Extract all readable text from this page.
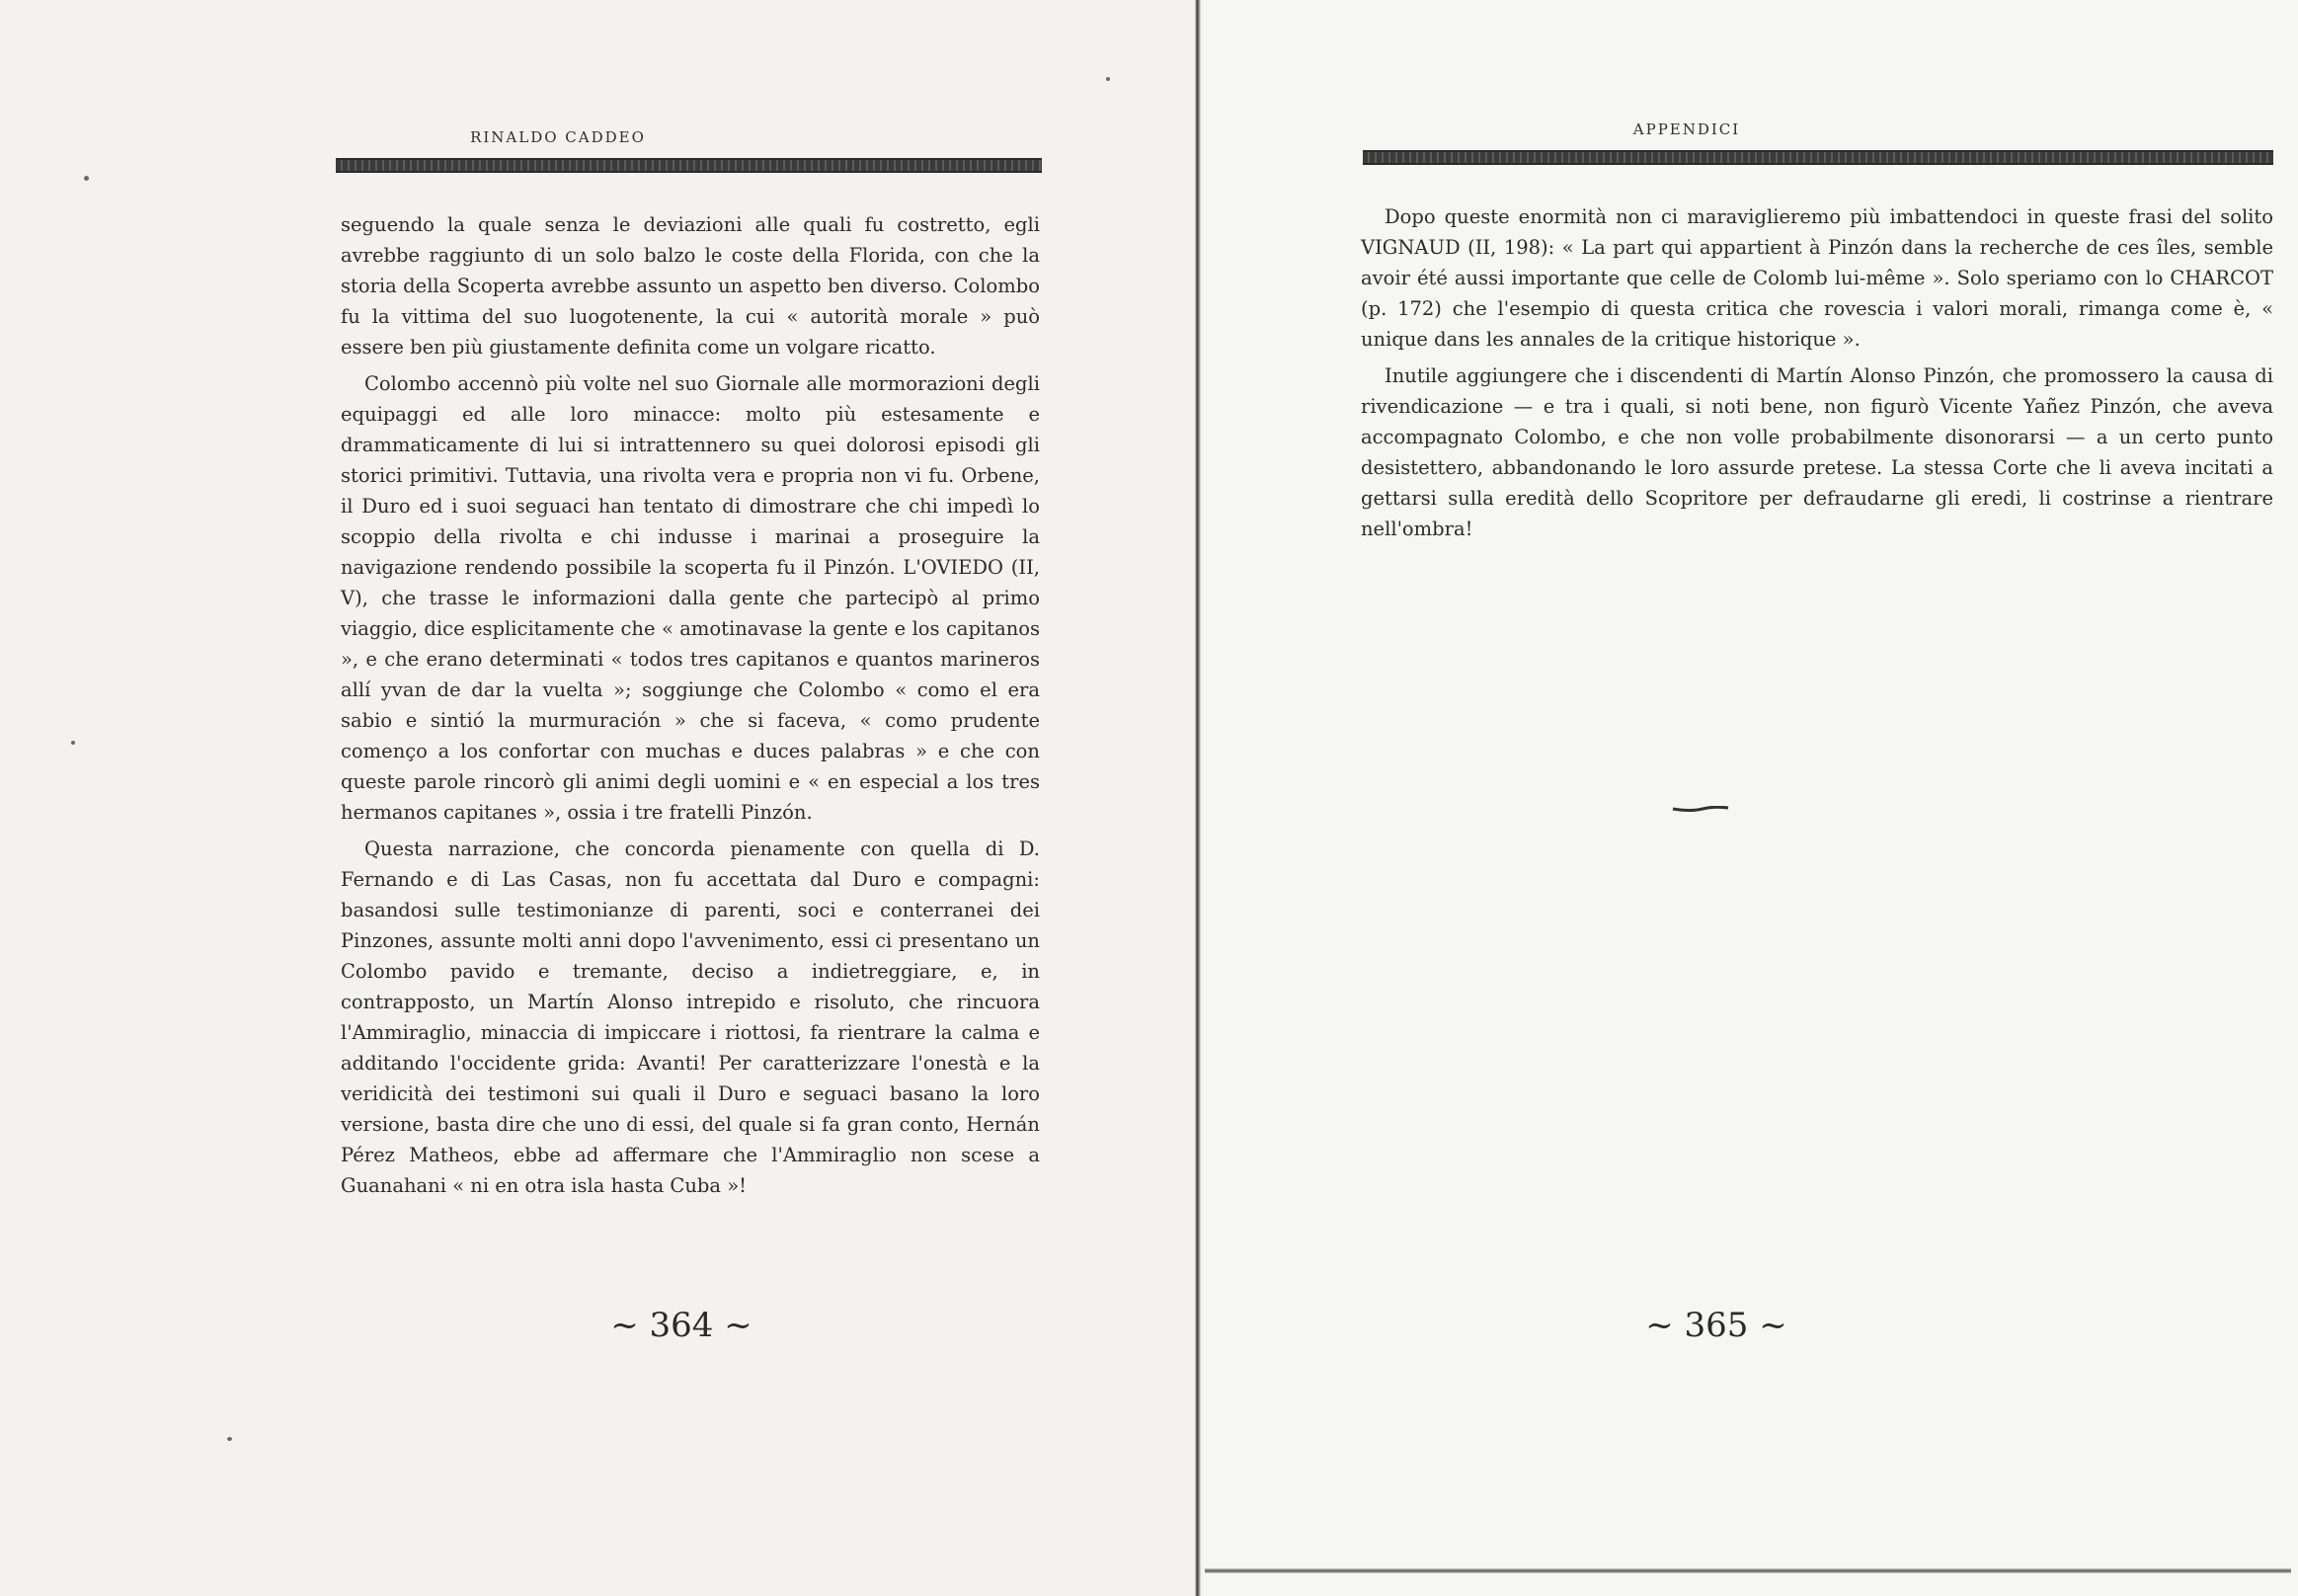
RINALDO CADDEO

seguendo la quale senza le deviazioni alle quali fu costretto, egli avrebbe raggiunto di un solo balzo le coste della Florida, con che la storia della Scoperta avrebbe assunto un aspetto ben diverso. Colombo fu la vittima del suo luogotenente, la cui « autorità morale » può essere ben più giustamente definita come un volgare ricatto.

Colombo accennò più volte nel suo Giornale alle mormorazioni degli equipaggi ed alle loro minacce: molto più estesamente e drammaticamente di lui si intrattennero su quei dolorosi episodi gli storici primitivi. Tuttavia, una rivolta vera e propria non vi fu. Orbene, il Duro ed i suoi seguaci han tentato di dimostrare che chi impedì lo scoppio della rivolta e chi indusse i marinai a proseguire la navigazione rendendo possibile la scoperta fu il Pinzón. L'OVIEDO (II, V), che trasse le informazioni dalla gente che partecipò al primo viaggio, dice esplicitamente che « amotinavase la gente e los capitanos », e che erano determinati « todos tres capitanos e quantos marineros allí yvan de dar la vuelta »; soggiunge che Colombo « como el era sabio e sintió la murmuración » che si faceva, « como prudente començo a los confortar con muchas e duces palabras » e che con queste parole rincorò gli animi degli uomini e « en especial a los tres hermanos capitanes », ossia i tre fratelli Pinzón.

Questa narrazione, che concorda pienamente con quella di D. Fernando e di Las Casas, non fu accettata dal Duro e compagni: basandosi sulle testimonianze di parenti, soci e conterranei dei Pinzones, assunte molti anni dopo l'avvenimento, essi ci presentano un Colombo pavido e tremante, deciso a indietreggiare, e, in contrapposto, un Martín Alonso intrepido e risoluto, che rincuora l'Ammiraglio, minaccia di impiccare i riottosi, fa rientrare la calma e additando l'occidente grida: Avanti! Per caratterizzare l'onestà e la veridicità dei testimoni sui quali il Duro e seguaci basano la loro versione, basta dire che uno di essi, del quale si fa gran conto, Hernán Pérez Matheos, ebbe ad affermare che l'Ammiraglio non scese a Guanahani « ni en otra isla hasta Cuba »!

~ 364 ~
APPENDICI

Dopo queste enormità non ci maraviglieremo più imbattendoci in queste frasi del solito VIGNAUD (II, 198): « La part qui appartient à Pinzón dans la recherche de ces îles, semble avoir été aussi importante que celle de Colomb lui-même ». Solo speriamo con lo CHARCOT (p. 172) che l'esempio di questa critica che rovescia i valori morali, rimanga come è, « unique dans les annales de la critique historique ».

Inutile aggiungere che i discendenti di Martín Alonso Pinzón, che promossero la causa di rivendicazione — e tra i quali, si noti bene, non figurò Vicente Yañez Pinzón, che aveva accompagnato Colombo, e che non volle probabilmente disonorarsi — a un certo punto desistettero, abbandonando le loro assurde pretese. La stessa Corte che li aveva incitati a gettarsi sulla eredità dello Scopritore per defraudarne gli eredi, li costrinse a rientrare nell'ombra!

~ 365 ~
